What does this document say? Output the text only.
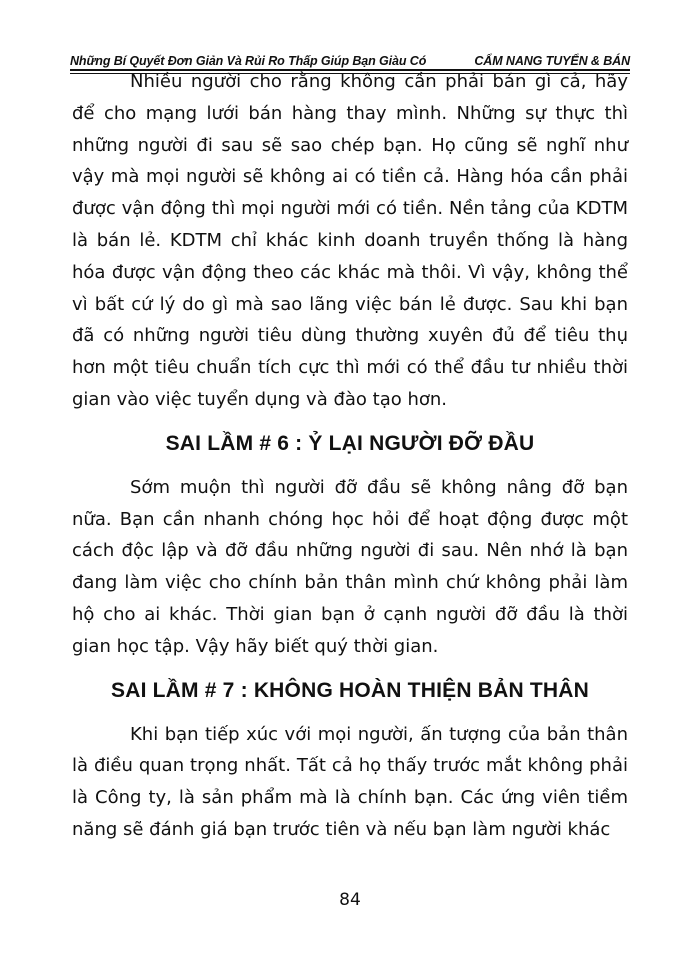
Những Bí Quyết Đơn Giản Và Rủi Ro Thấp Giúp Bạn Giàu Có	CẨM NANG TUYỂN & BÁN

Nhiều người cho rằng không cần phải bán gì cả, hãy để cho mạng lưới bán hàng thay mình. Những sự thực thì những người đi sau sẽ sao chép bạn. Họ cũng sẽ nghĩ như vậy mà mọi người sẽ không ai có tiền cả. Hàng hóa cần phải được vận động thì mọi người mới có tiền. Nền tảng của KDTM là bán lẻ. KDTM chỉ khác kinh doanh truyền thống là hàng hóa được vận động theo các khác mà thôi. Vì vậy, không thể vì bất cứ lý do gì mà sao lãng việc bán lẻ được. Sau khi bạn đã có những người tiêu dùng thường xuyên đủ để tiêu thụ hơn một tiêu chuẩn tích cực thì mới có thể đầu tư nhiều thời gian vào việc tuyển dụng và đào tạo hơn.

SAI LẦM # 6 : Ỷ LẠI NGƯỜI ĐỠ ĐẦU

Sớm muộn thì người đỡ đầu sẽ không nâng đỡ bạn nữa. Bạn cần nhanh chóng học hỏi để hoạt động được một cách độc lập và đỡ đầu những người đi sau. Nên nhớ là bạn đang làm việc cho chính bản thân mình chứ không phải làm hộ cho ai khác. Thời gian bạn ở cạnh người đỡ đầu là thời gian học tập. Vậy hãy biết quý thời gian.

SAI LẦM # 7 : KHÔNG HOÀN THIỆN BẢN THÂN

Khi bạn tiếp xúc với mọi người, ấn tượng của bản thân là điều quan trọng nhất. Tất cả họ thấy trước mắt không phải là Công ty, là sản phẩm mà là chính bạn. Các ứng viên tiềm năng sẽ đánh giá bạn trước tiên và nếu bạn làm người khác

84
